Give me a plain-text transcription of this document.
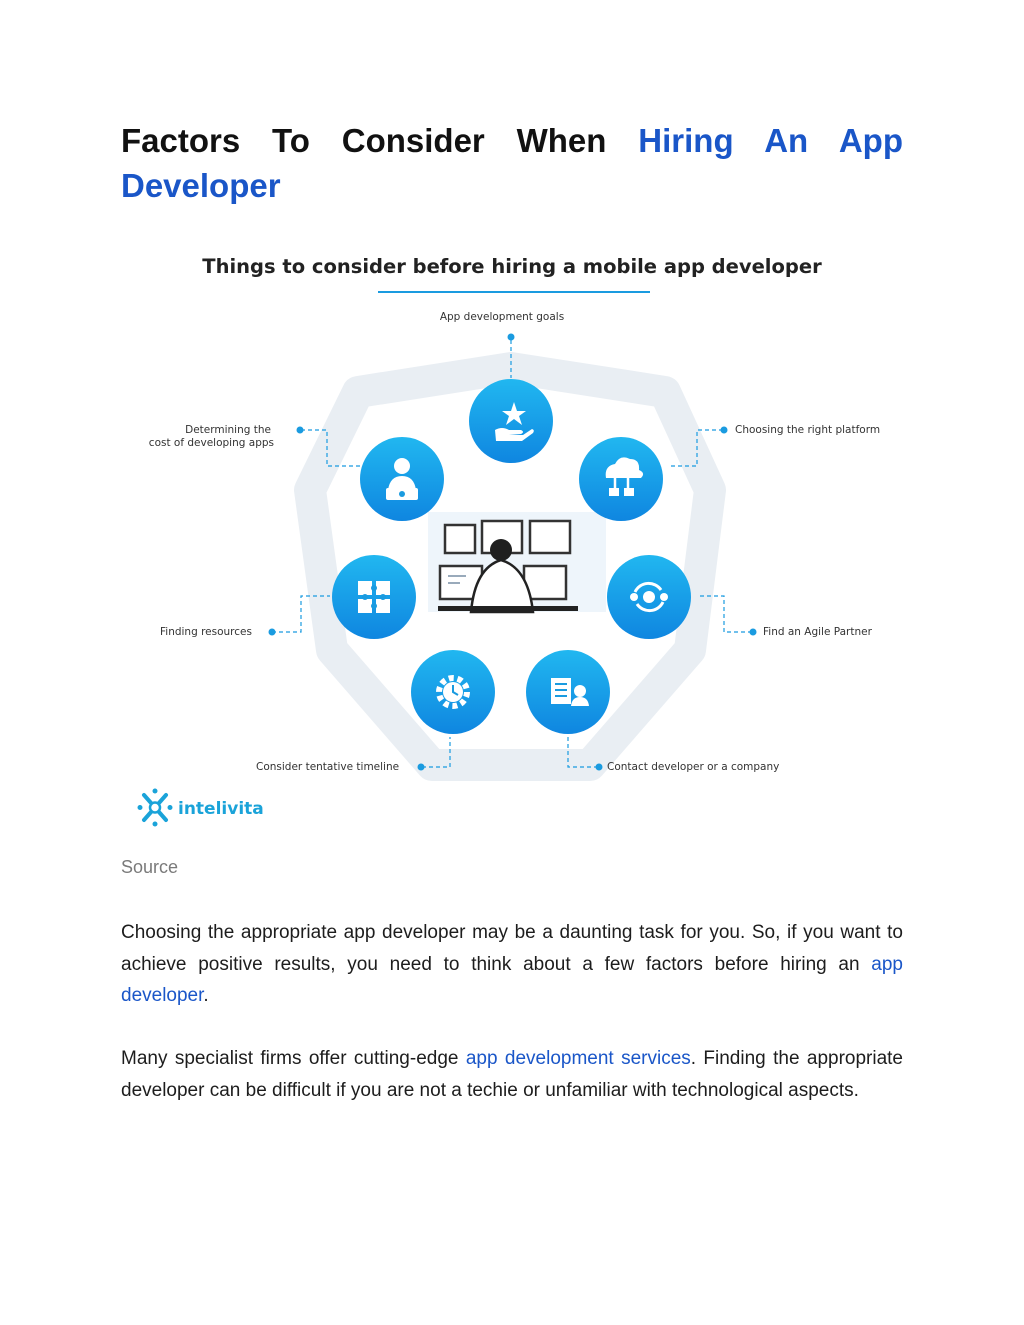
Factors To Consider When Hiring An App Developer
Things to consider before hiring a mobile app developer
App development goals
Determining the
cost of developing apps
Choosing the right platform
Finding resources	Find an Agile Partner
Consider tentative timeline	Contact developer or a company
intelivita

Source

Choosing the appropriate app developer may be a daunting task for you. So, if you want to achieve positive results, you need to think about a few factors before hiring an app developer.

Many specialist firms offer cutting-edge app development services. Finding the appropriate developer can be difficult if you are not a techie or unfamiliar with technological aspects.
